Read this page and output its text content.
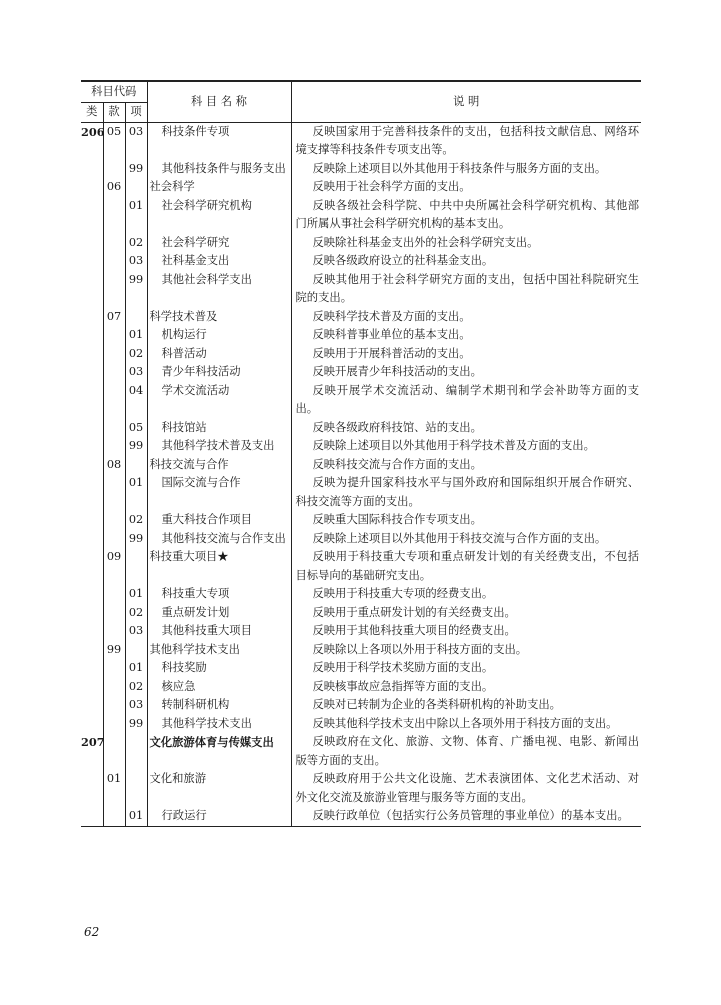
科目代码			科 目 名 称	说 明
类	款	项		
206	05	03	科技条件专项	反映国家用于完善科技条件的支出，包括科技文献信息、网络环境支撑等科技条件专项支出等。
		99	其他科技条件与服务支出	反映除上述项目以外其他用于科技条件与服务方面的支出。
	06		社会科学	反映用于社会科学方面的支出。
		01	社会科学研究机构	反映各级社会科学院、中共中央所属社会科学研究机构、其他部门所属从事社会科学研究机构的基本支出。
		02	社会科学研究	反映除社科基金支出外的社会科学研究支出。
		03	社科基金支出	反映各级政府设立的社科基金支出。
		99	其他社会科学支出	反映其他用于社会科学研究方面的支出，包括中国社科院研究生院的支出。
	07		科学技术普及	反映科学技术普及方面的支出。
		01	机构运行	反映科普事业单位的基本支出。
		02	科普活动	反映用于开展科普活动的支出。
		03	青少年科技活动	反映开展青少年科技活动的支出。
		04	学术交流活动	反映开展学术交流活动、编制学术期刊和学会补助等方面的支出。
		05	科技馆站	反映各级政府科技馆、站的支出。
		99	其他科学技术普及支出	反映除上述项目以外其他用于科学技术普及方面的支出。
	08		科技交流与合作	反映科技交流与合作方面的支出。
		01	国际交流与合作	反映为提升国家科技水平与国外政府和国际组织开展合作研究、科技交流等方面的支出。
		02	重大科技合作项目	反映重大国际科技合作专项支出。
		99	其他科技交流与合作支出	反映除上述项目以外其他用于科技交流与合作方面的支出。
	09		科技重大项目★	反映用于科技重大专项和重点研发计划的有关经费支出，不包括目标导向的基础研究支出。
		01	科技重大专项	反映用于科技重大专项的经费支出。
		02	重点研发计划	反映用于重点研发计划的有关经费支出。
		03	其他科技重大项目	反映用于其他科技重大项目的经费支出。
	99		其他科学技术支出	反映除以上各项以外用于科技方面的支出。
		01	科技奖励	反映用于科学技术奖励方面的支出。
		02	核应急	反映核事故应急指挥等方面的支出。
		03	转制科研机构	反映对已转制为企业的各类科研机构的补助支出。
		99	其他科学技术支出	反映其他科学技术支出中除以上各项外用于科技方面的支出。
207			文化旅游体育与传媒支出	反映政府在文化、旅游、文物、体育、广播电视、电影、新闻出版等方面的支出。
	01		文化和旅游	反映政府用于公共文化设施、艺术表演团体、文化艺术活动、对外文化交流及旅游业管理与服务等方面的支出。
		01	行政运行	反映行政单位（包括实行公务员管理的事业单位）的基本支出。
62
